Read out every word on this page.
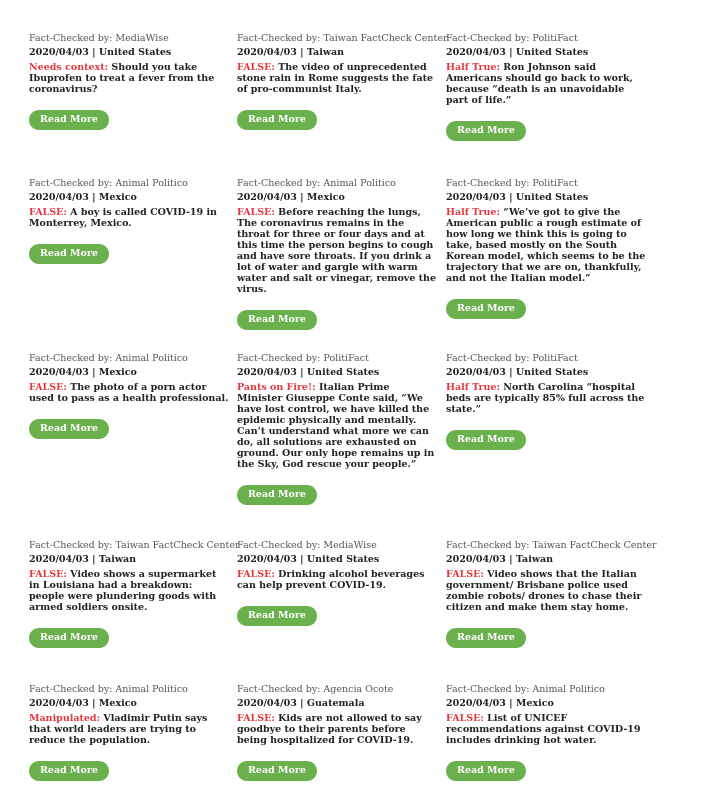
Fact-Checked by: MediaWise
2020/04/03 | United States
Needs context: Should you take Ibuprofen to treat a fever from the coronavirus?
Read More
Fact-Checked by: Taiwan FactCheck Center
2020/04/03 | Taiwan
FALSE: The video of unprecedented stone rain in Rome suggests the fate of pro-communist Italy.
Read More
Fact-Checked by: PolitiFact
2020/04/03 | United States
Half True: Ron Johnson said Americans should go back to work, because “death is an unavoidable part of life.”
Read More
Fact-Checked by: Animal Politico
2020/04/03 | Mexico
FALSE: A boy is called COVID-19 in Monterrey, Mexico.
Read More
Fact-Checked by: Animal Politico
2020/04/03 | Mexico
FALSE: Before reaching the lungs, The coronavirus remains in the throat for three or four days and at this time the person begins to cough and have sore throats. If you drink a lot of water and gargle with warm water and salt or vinegar, remove the virus.
Read More
Fact-Checked by: PolitiFact
2020/04/03 | United States
Half True: “We’ve got to give the American public a rough estimate of how long we think this is going to take, based mostly on the South Korean model, which seems to be the trajectory that we are on, thankfully, and not the Italian model.”
Read More
Fact-Checked by: Animal Politico
2020/04/03 | Mexico
FALSE: The photo of a porn actor used to pass as a health professional.
Read More
Fact-Checked by: PolitiFact
2020/04/03 | United States
Pants on Fire!: Italian Prime Minister Giuseppe Conte said, “We have lost control, we have killed the epidemic physically and mentally. Can’t understand what more we can do, all solutions are exhausted on ground. Our only hope remains up in the Sky, God rescue your people.”
Read More
Fact-Checked by: PolitiFact
2020/04/03 | United States
Half True: North Carolina “hospital beds are typically 85% full across the state.”
Read More
Fact-Checked by: Taiwan FactCheck Center
2020/04/03 | Taiwan
FALSE: Video shows a supermarket in Louisiana had a breakdown: people were plundering goods with armed soldiers onsite.
Read More
Fact-Checked by: MediaWise
2020/04/03 | United States
FALSE: Drinking alcohol beverages can help prevent COVID-19.
Read More
Fact-Checked by: Taiwan FactCheck Center
2020/04/03 | Taiwan
FALSE: Video shows that the Italian government/ Brisbane police used zombie robots/ drones to chase their citizen and make them stay home.
Read More
Fact-Checked by: Animal Politico
2020/04/03 | Mexico
Manipulated: Vladimir Putin says that world leaders are trying to reduce the population.
Read More
Fact-Checked by: Agencia Ocote
2020/04/03 | Guatemala
FALSE: Kids are not allowed to say goodbye to their parents before being hospitalized for COVID-19.
Read More
Fact-Checked by: Animal Politico
2020/04/03 | Mexico
FALSE: List of UNICEF recommendations against COVID-19 includes drinking hot water.
Read More
